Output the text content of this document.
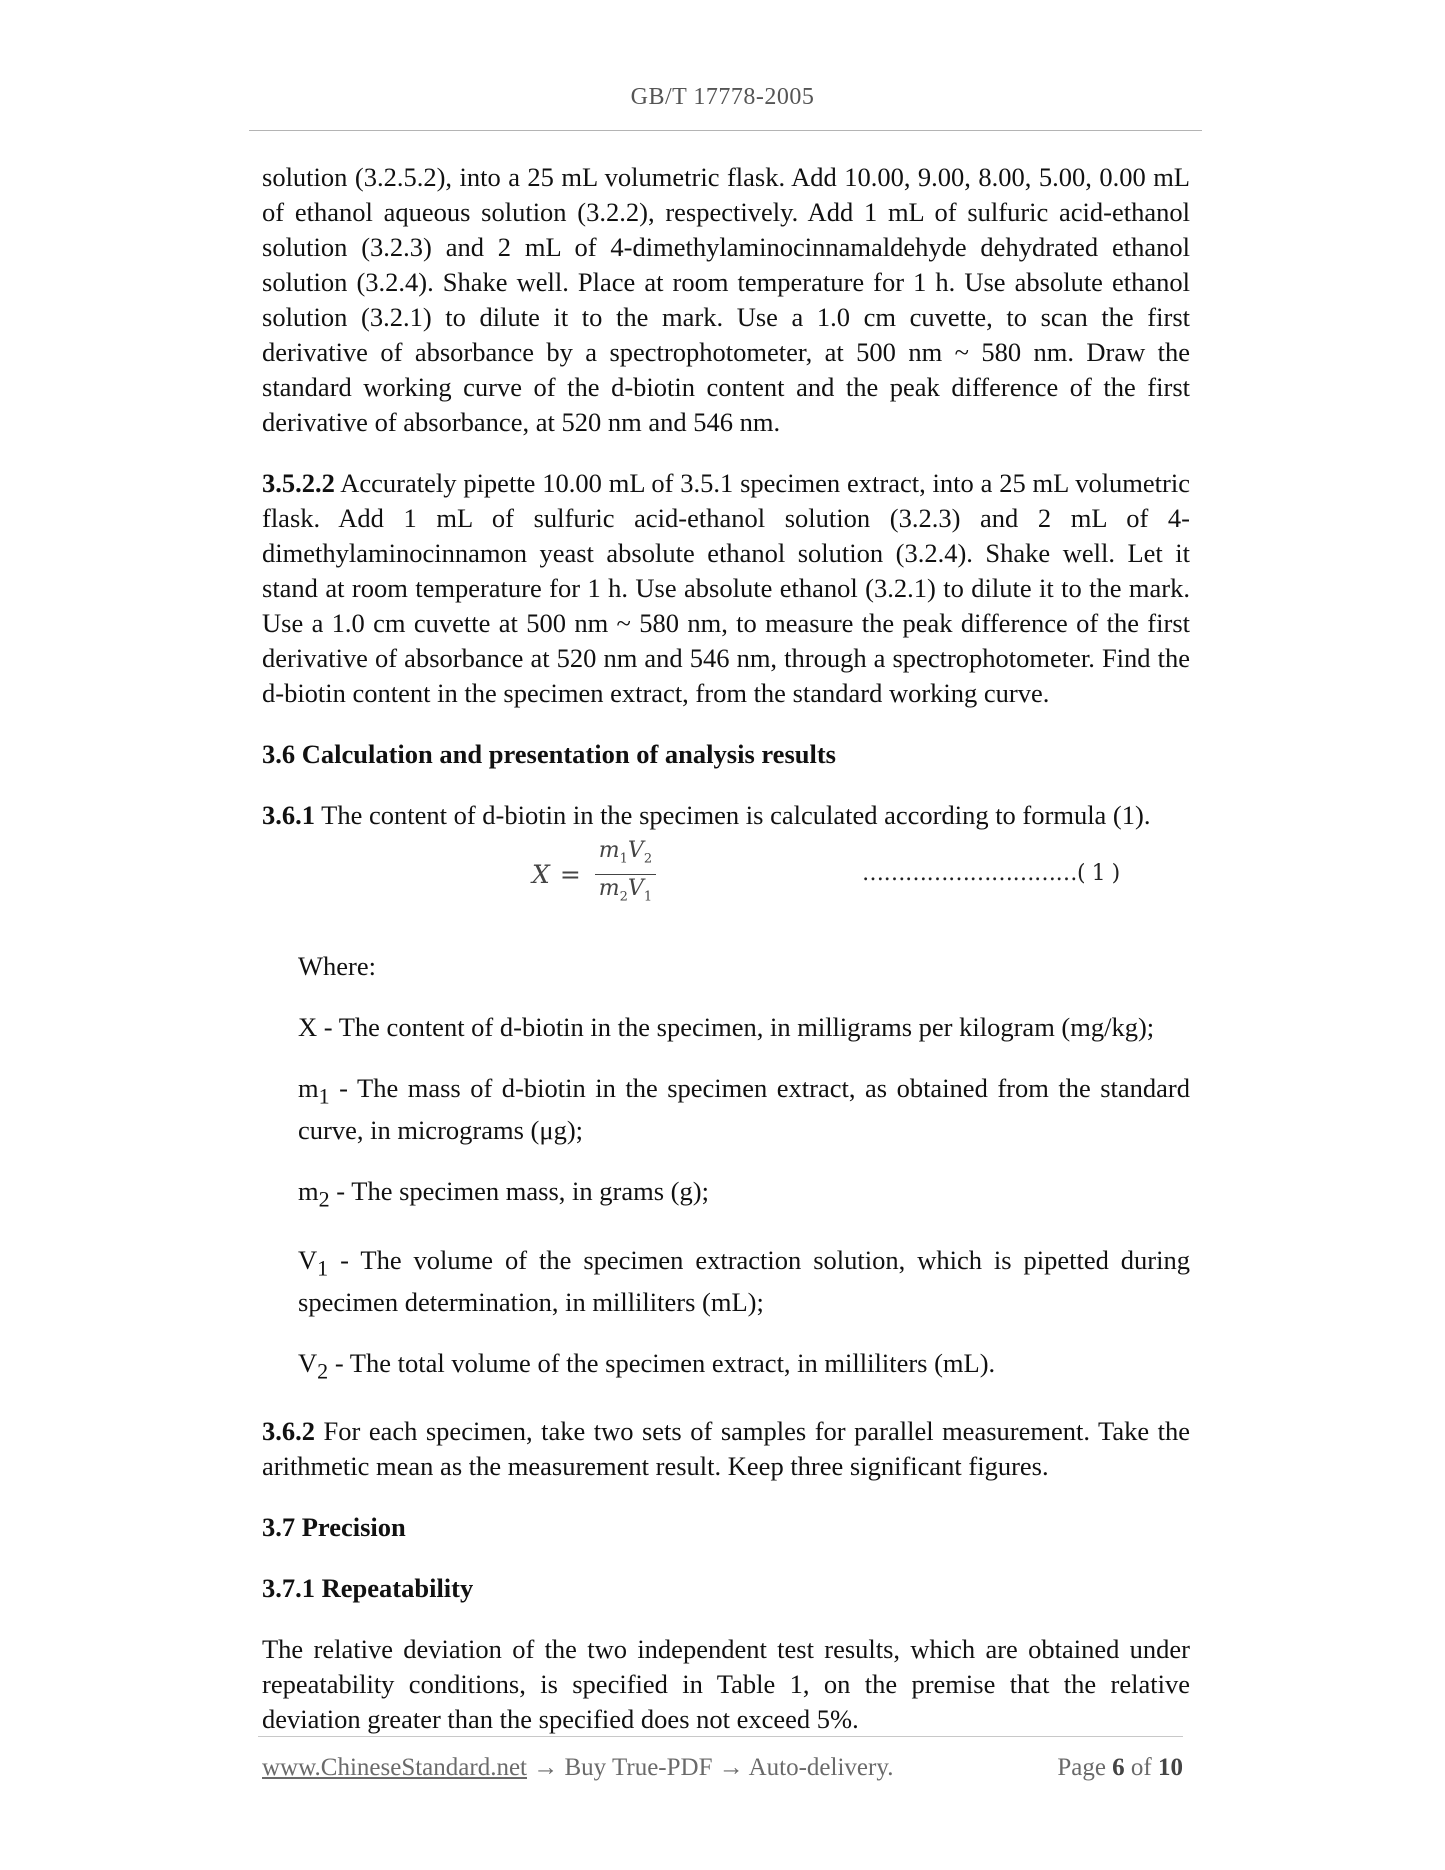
GB/T 17778-2005

solution (3.2.5.2), into a 25 mL volumetric flask. Add 10.00, 9.00, 8.00, 5.00, 0.00 mL of ethanol aqueous solution (3.2.2), respectively. Add 1 mL of sulfuric acid-ethanol solution (3.2.3) and 2 mL of 4-dimethylaminocinnamaldehyde dehydrated ethanol solution (3.2.4). Shake well. Place at room temperature for 1 h. Use absolute ethanol solution (3.2.1) to dilute it to the mark. Use a 1.0 cm cuvette, to scan the first derivative of absorbance by a spectrophotometer, at 500 nm ~ 580 nm. Draw the standard working curve of the d-biotin content and the peak difference of the first derivative of absorbance, at 520 nm and 546 nm.

3.5.2.2 Accurately pipette 10.00 mL of 3.5.1 specimen extract, into a 25 mL volumetric flask. Add 1 mL of sulfuric acid-ethanol solution (3.2.3) and 2 mL of 4-dimethylaminocinnamon yeast absolute ethanol solution (3.2.4). Shake well. Let it stand at room temperature for 1 h. Use absolute ethanol (3.2.1) to dilute it to the mark. Use a 1.0 cm cuvette at 500 nm ~ 580 nm, to measure the peak difference of the first derivative of absorbance at 520 nm and 546 nm, through a spectrophotometer. Find the d-biotin content in the specimen extract, from the standard working curve.

3.6 Calculation and presentation of analysis results

3.6.1 The content of d-biotin in the specimen is calculated according to formula (1).

$X = \frac{m_1V_2}{m_2V_1}$	…………………………( 1 )

Where:

X - The content of d-biotin in the specimen, in milligrams per kilogram (mg/kg);

$m_1$ - The mass of d-biotin in the specimen extract, as obtained from the standard curve, in micrograms (μg);

$m_2$ - The specimen mass, in grams (g);

$V_1$ - The volume of the specimen extraction solution, which is pipetted during specimen determination, in milliliters (mL);

$V_2$ - The total volume of the specimen extract, in milliliters (mL).

3.6.2 For each specimen, take two sets of samples for parallel measurement. Take the arithmetic mean as the measurement result. Keep three significant figures.

3.7 Precision

3.7.1 Repeatability

The relative deviation of the two independent test results, which are obtained under repeatability conditions, is specified in Table 1, on the premise that the relative deviation greater than the specified does not exceed 5%.

www.ChineseStandard.net → Buy True-PDF → Auto-delivery.	Page 6 of 10
